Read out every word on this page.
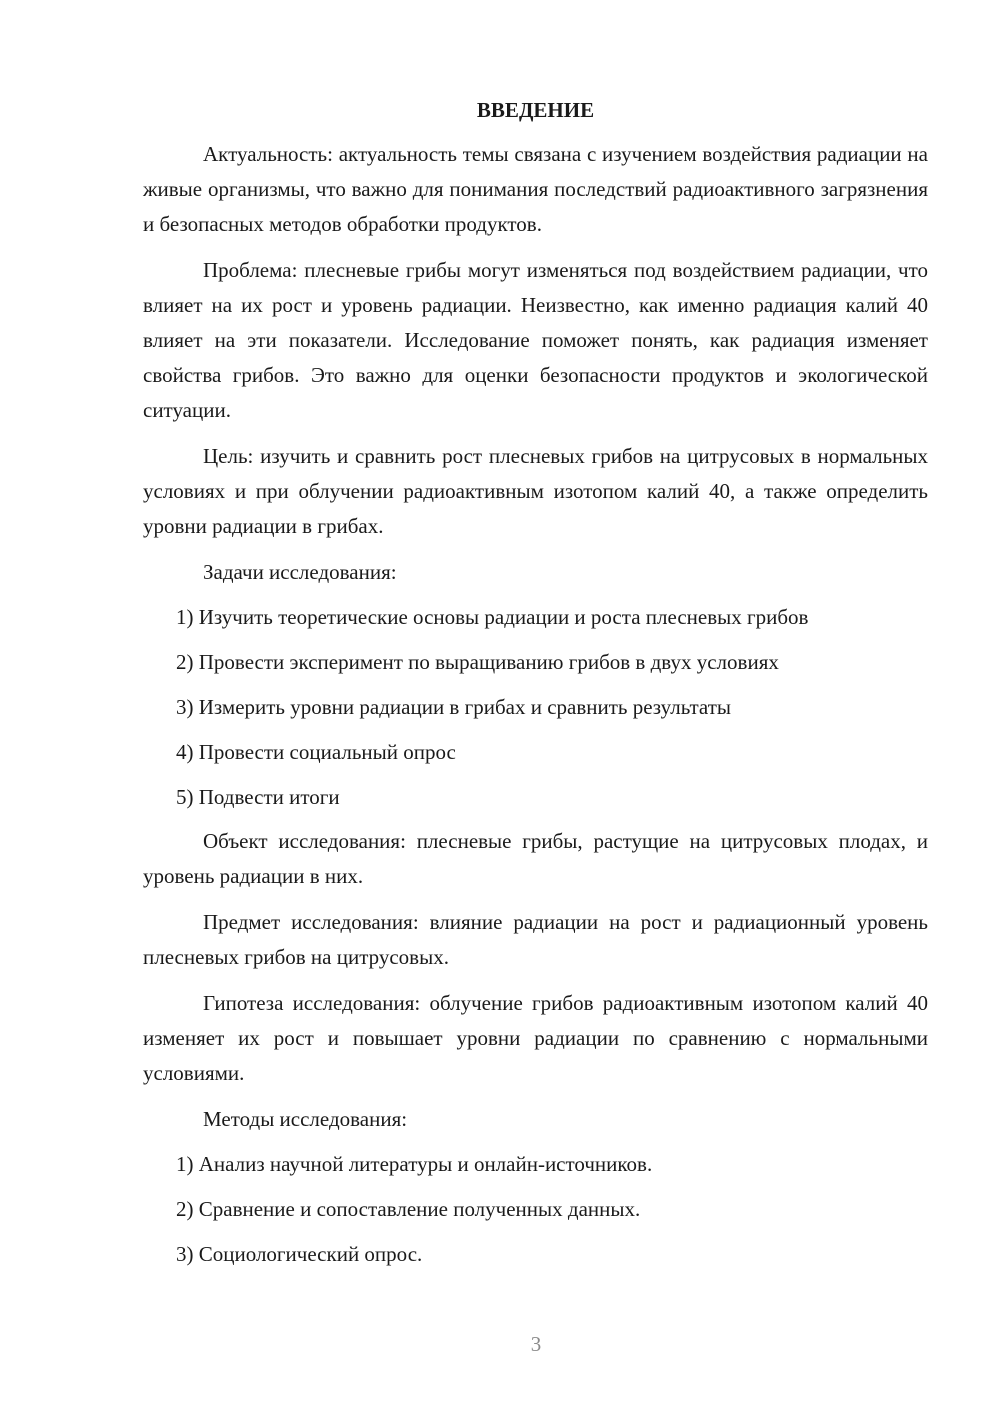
ВВЕДЕНИЕ

Актуальность: актуальность темы связана с изучением воздействия радиации на живые организмы, что важно для понимания последствий радиоактивного загрязнения и безопасных методов обработки продуктов.

Проблема: плесневые грибы могут изменяться под воздействием радиации, что влияет на их рост и уровень радиации. Неизвестно, как именно радиация калий 40 влияет на эти показатели. Исследование поможет понять, как радиация изменяет свойства грибов. Это важно для оценки безопасности продуктов и экологической ситуации.

Цель: изучить и сравнить рост плесневых грибов на цитрусовых в нормальных условиях и при облучении радиоактивным изотопом калий 40, а также определить уровни радиации в грибах.

Задачи исследования:
1) Изучить теоретические основы радиации и роста плесневых грибов
2) Провести эксперимент по выращиванию грибов в двух условиях
3) Измерить уровни радиации в грибах и сравнить результаты
4) Провести социальный опрос
5) Подвести итоги

Объект исследования: плесневые грибы, растущие на цитрусовых плодах, и уровень радиации в них.

Предмет исследования: влияние радиации на рост и радиационный уровень плесневых грибов на цитрусовых.

Гипотеза исследования: облучение грибов радиоактивным изотопом калий 40 изменяет их рост и повышает уровни радиации по сравнению с нормальными условиями.

Методы исследования:
1) Анализ научной литературы и онлайн-источников.
2) Сравнение и сопоставление полученных данных.
3) Социологический опрос.
3
